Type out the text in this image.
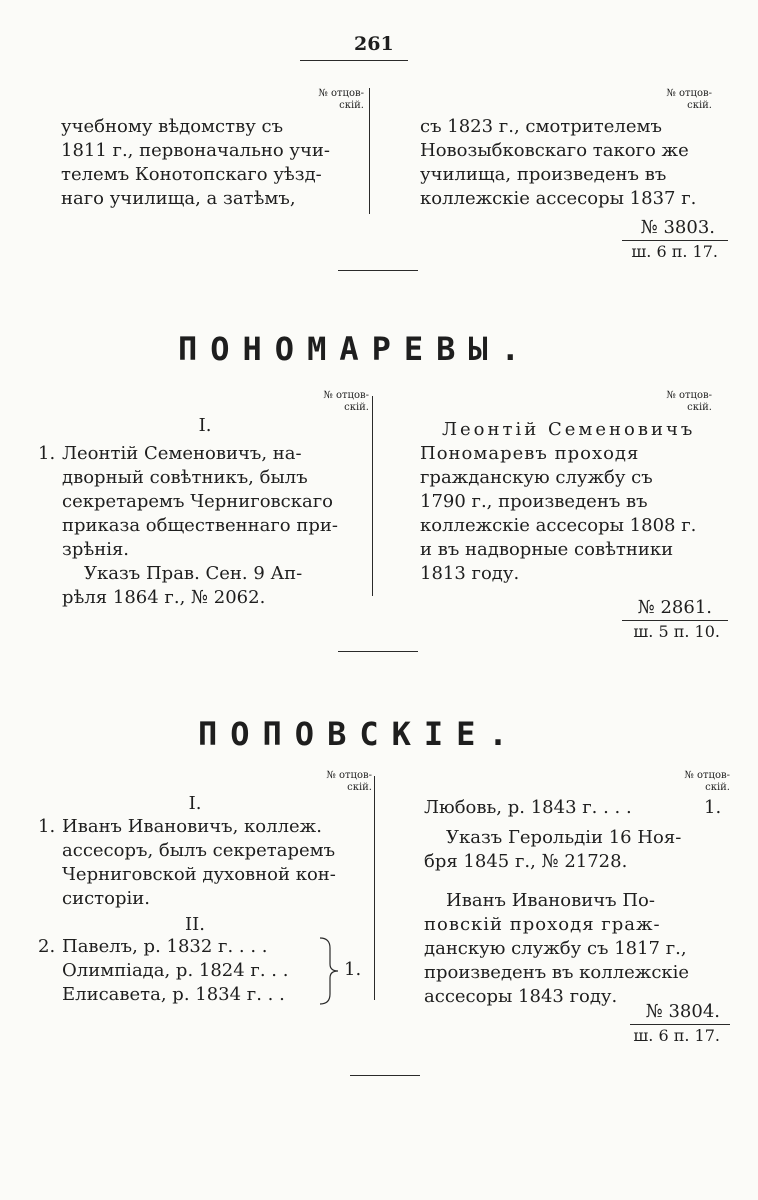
261
№ отцов-
скій.
№ отцов-
скій.
учебному вѣдомству съ
1811 г., первоначально учи-
телемъ Конотопскаго уѣзд-
наго училища, а затѣмъ,
съ 1823 г., смотрителемъ
Новозыбковскаго такого же
училища, произведенъ въ
коллежскіе ассесоры 1837 г.
№ 3803.
ш. 6 п. 17.
ПОНОМАРЕВЫ.
№ отцов-
скій.
№ отцов-
скій.
I.
1. Леонтій Семеновичъ, на-
дворный совѣтникъ, былъ
секретаремъ Черниговскаго
приказа общественнаго при-
зрѣнія.
Указъ Прав. Сен. 9 Ап-
рѣля 1864 г., № 2062.
Леонтій Семеновичъ
Пономаревъ проходя
гражданскую службу съ
1790 г., произведенъ въ
коллежскіе ассесоры 1808 г.
и въ надворные совѣтники
1813 году.
№ 2861.
ш. 5 п. 10.
ПОПОВСКІЕ.
№ отцов-
скій.
№ отцов-
скій.
I.
1. Иванъ Ивановичъ, коллеж.
ассесоръ, былъ секретаремъ
Черниговской духовной кон-
систоріи.
II.
2. Павелъ, р. 1832 г. . . .
Олимпіада, р. 1824 г. . .
Елисавета, р. 1834 г. . .
1.
Любовь, р. 1843 г. . . .	1.
Указъ Герольдіи 16 Ноя-
бря 1845 г., № 21728.
Иванъ Ивановичъ По-
повскій проходя граж-
данскую службу съ 1817 г.,
произведенъ въ коллежскіе
ассесоры 1843 году.
№ 3804.
ш. 6 п. 17.
